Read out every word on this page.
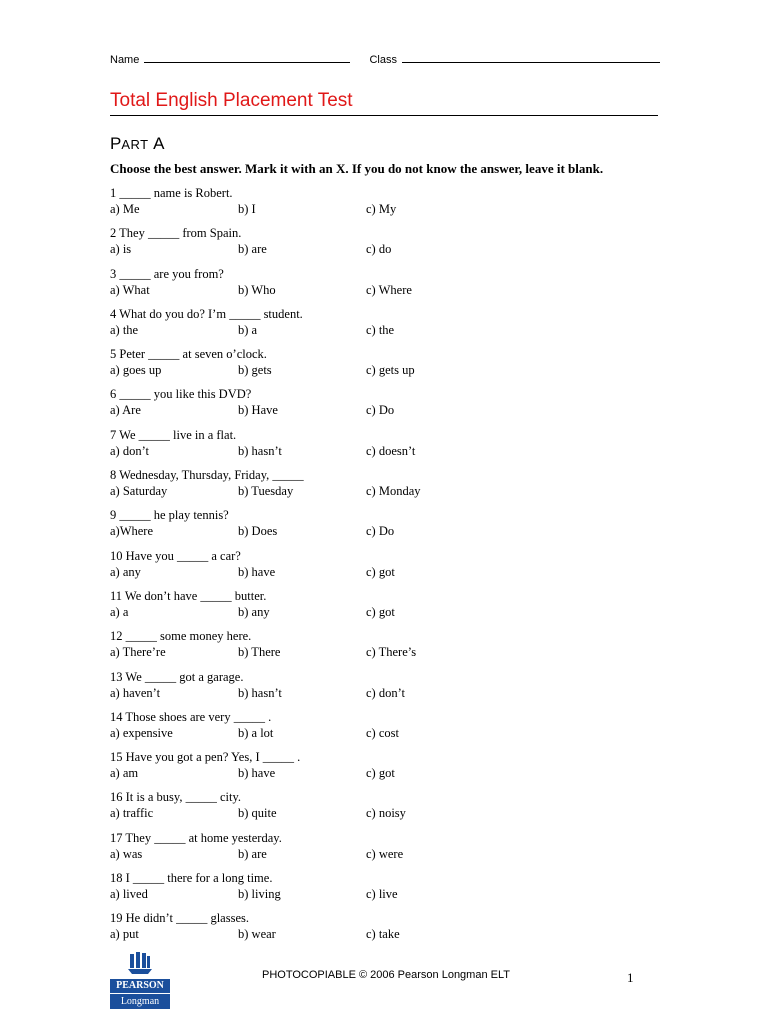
Name	Class
Total English Placement Test
PART A
Choose the best answer. Mark it with an X. If you do not know the answer, leave it blank.
1 _____ name is Robert.
a) Me	b) I	c) My
2 They _____ from Spain.
a) is	b) are	c) do
3 _____ are you from?
a) What	b) Who	c) Where
4 What do you do? I’m _____ student.
a) the	b) a	c) the
5 Peter _____ at seven o’clock.
a) goes up	b) gets	c) gets up
6 _____ you like this DVD?
a) Are	b) Have	c) Do
7 We _____ live in a flat.
a) don’t	b) hasn’t	c) doesn’t
8 Wednesday, Thursday, Friday, _____
a) Saturday	b) Tuesday	c) Monday
9 _____ he play tennis?
a)Where	b) Does	c) Do
10 Have you _____ a car?
a) any	b) have	c) got
11 We don’t have _____ butter.
a) a	b) any	c) got
12 _____ some money here.
a) There’re	b) There	c) There’s
13 We _____ got a garage.
a) haven’t	b) hasn’t	c) don’t
14 Those shoes are very _____ .
a) expensive	b) a lot	c) cost
15 Have you got a pen? Yes, I _____ .
a) am	b) have	c) got
16 It is a busy, _____ city.
a) traffic	b) quite	c) noisy
17 They _____ at home yesterday.
a) was	b) are	c) were
18 I _____ there for a long time.
a) lived	b) living	c) live
19 He didn’t _____ glasses.
a) put	b) wear	c) take
PEARSON
Longman
PHOTOCOPIABLE © 2006 Pearson Longman ELT	1
